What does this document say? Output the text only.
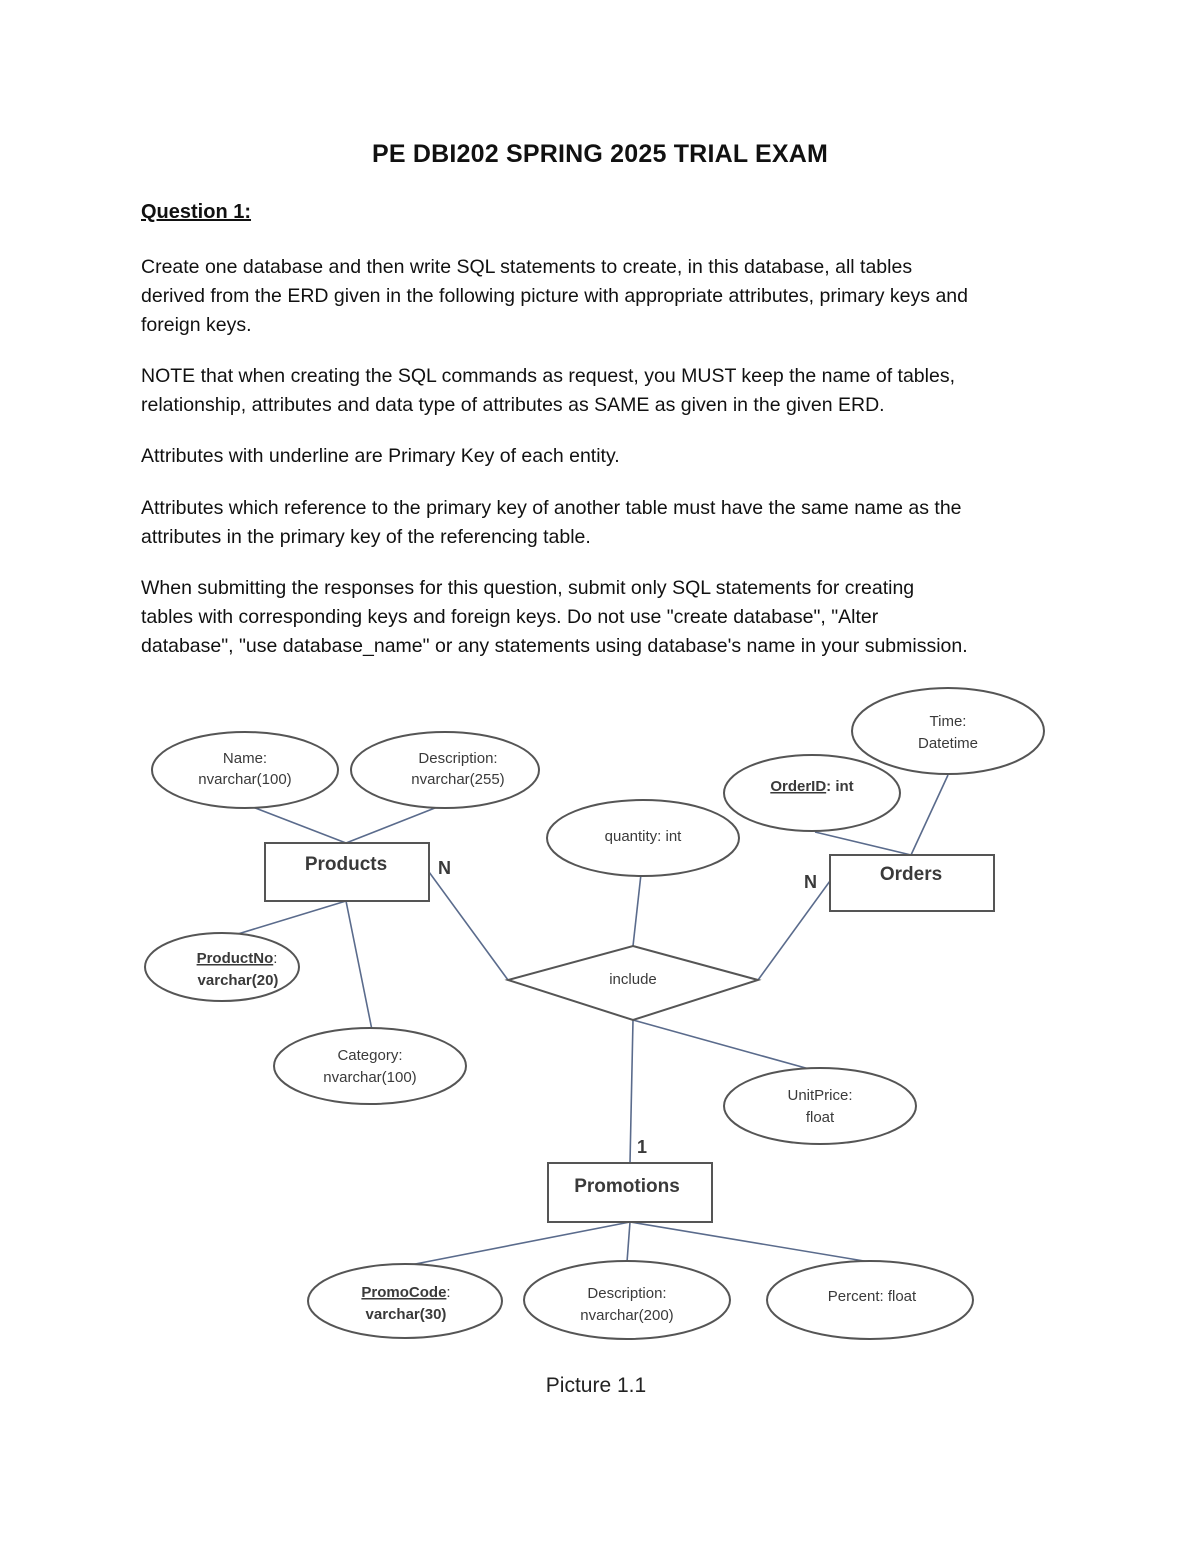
PE DBI202 SPRING 2025 TRIAL EXAM
Question 1:
Create one database and then write SQL statements to create, in this database, all tables
derived from the ERD given in the following picture with appropriate attributes, primary keys and
foreign keys.
NOTE that when creating the SQL commands as request, you MUST keep the name of tables,
relationship, attributes and data type of attributes as SAME as given in the given ERD.
Attributes with underline are Primary Key of each entity.
Attributes which reference to the primary key of another table must have the same name as the
attributes in the primary key of the referencing table.
When submitting the responses for this question, submit only SQL statements for creating
tables with corresponding keys and foreign keys. Do not use "create database", "Alter
database", "use database_name" or any statements using database's name in your submission.
Name:
nvarchar(100)
Description:
nvarchar(255)
ProductNo:
varchar(20)
Category:
nvarchar(100)
OrderID: int
Time:
Datetime
quantity: int
UnitPrice:
float
PromoCode:
varchar(30)
Description:
nvarchar(200)
Percent: float
Products	Orders
Promotions
include
N
N
1
Picture 1.1
